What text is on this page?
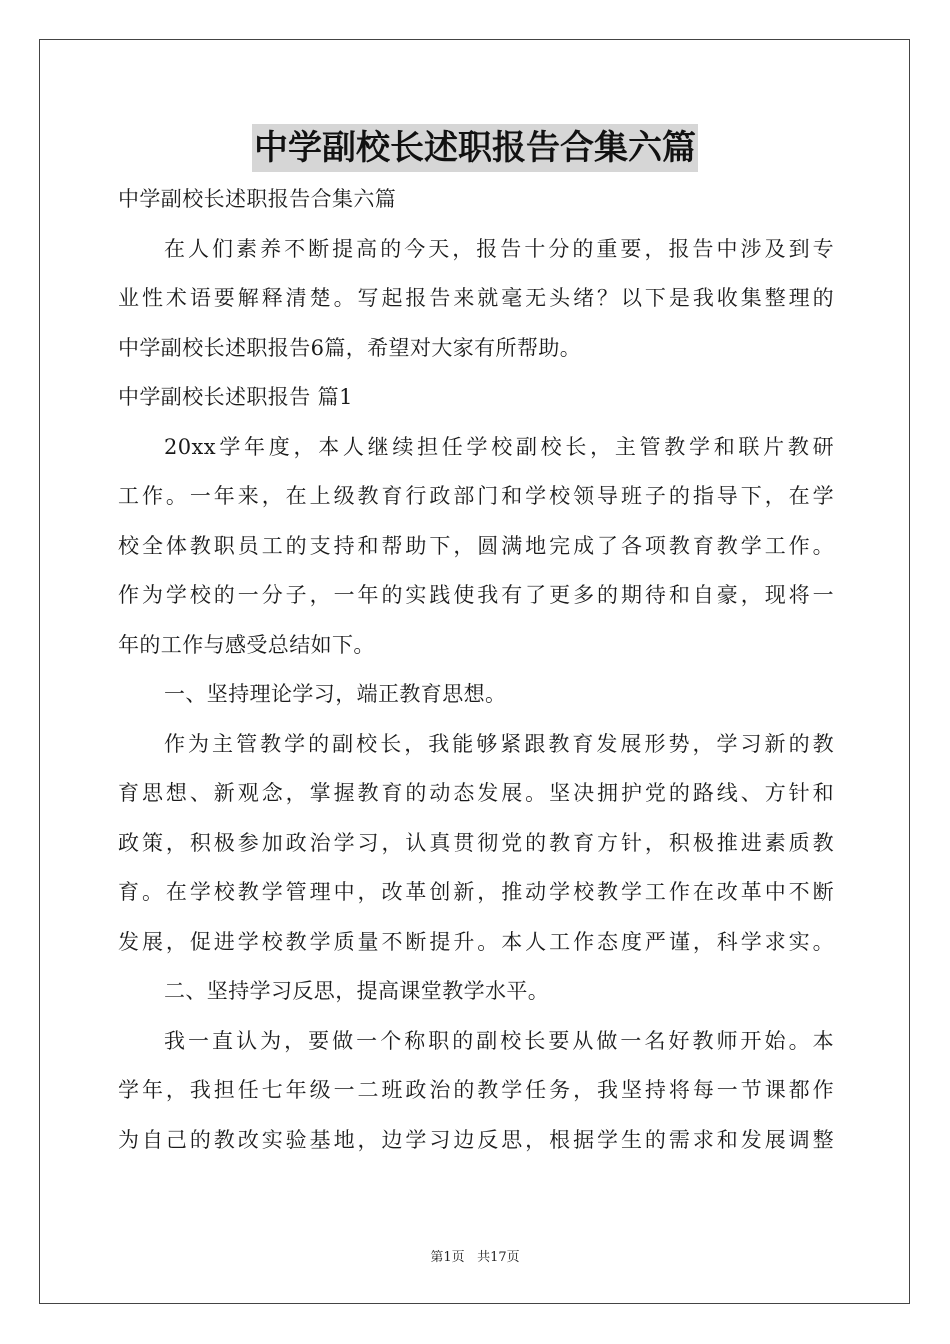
中学副校长述职报告合集六篇
中学副校长述职报告合集六篇
在人们素养不断提高的今天，报告十分的重要，报告中涉及到专
业性术语要解释清楚。写起报告来就毫无头绪？以下是我收集整理的
中学副校长述职报告6篇，希望对大家有所帮助。
中学副校长述职报告 篇1
20xx学年度，本人继续担任学校副校长，主管教学和联片教研
工作。一年来，在上级教育行政部门和学校领导班子的指导下，在学
校全体教职员工的支持和帮助下，圆满地完成了各项教育教学工作。
作为学校的一分子，一年的实践使我有了更多的期待和自豪，现将一
年的工作与感受总结如下。
一、坚持理论学习，端正教育思想。
作为主管教学的副校长，我能够紧跟教育发展形势，学习新的教
育思想、新观念，掌握教育的动态发展。坚决拥护党的路线、方针和
政策，积极参加政治学习，认真贯彻党的教育方针，积极推进素质教
育。在学校教学管理中，改革创新，推动学校教学工作在改革中不断
发展，促进学校教学质量不断提升。本人工作态度严谨，科学求实。
二、坚持学习反思，提高课堂教学水平。
我一直认为，要做一个称职的副校长要从做一名好教师开始。本
学年，我担任七年级一二班政治的教学任务，我坚持将每一节课都作
为自己的教改实验基地，边学习边反思，根据学生的需求和发展调整
第1页 共17页
